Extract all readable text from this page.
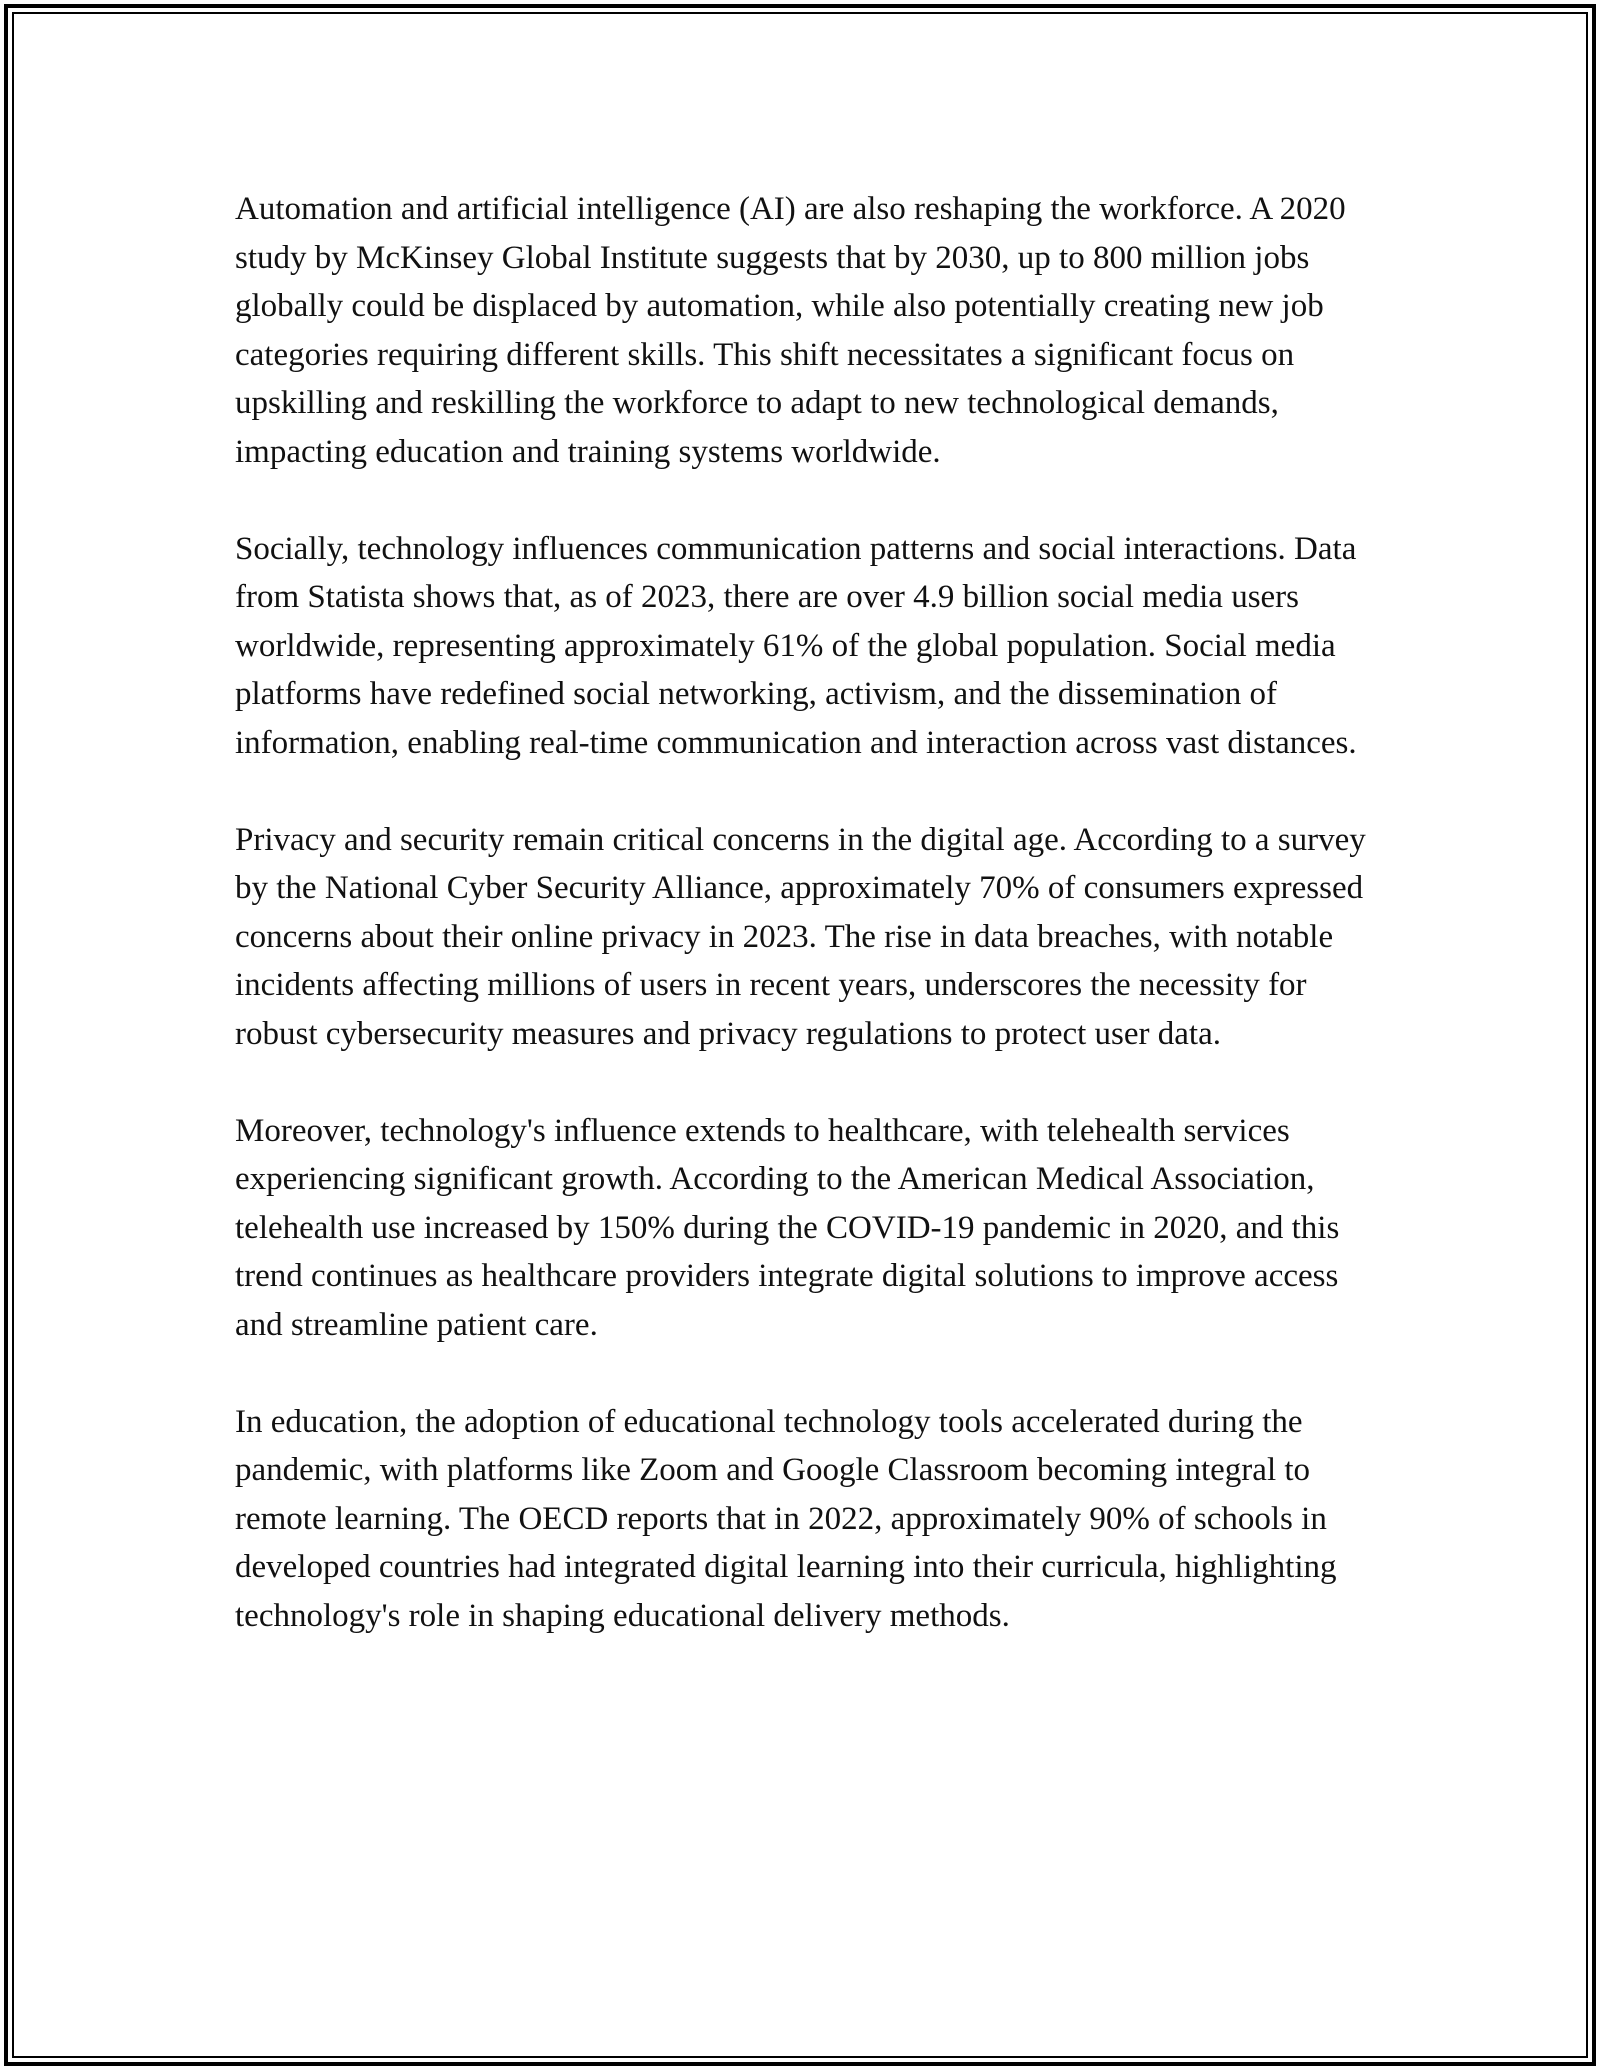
Automation and artificial intelligence (AI) are also reshaping the workforce. A 2020 study by McKinsey Global Institute suggests that by 2030, up to 800 million jobs globally could be displaced by automation, while also potentially creating new job categories requiring different skills. This shift necessitates a significant focus on upskilling and reskilling the workforce to adapt to new technological demands, impacting education and training systems worldwide.

Socially, technology influences communication patterns and social interactions. Data from Statista shows that, as of 2023, there are over 4.9 billion social media users worldwide, representing approximately 61% of the global population. Social media platforms have redefined social networking, activism, and the dissemination of information, enabling real-time communication and interaction across vast distances.

Privacy and security remain critical concerns in the digital age. According to a survey by the National Cyber Security Alliance, approximately 70% of consumers expressed concerns about their online privacy in 2023. The rise in data breaches, with notable incidents affecting millions of users in recent years, underscores the necessity for robust cybersecurity measures and privacy regulations to protect user data.

Moreover, technology's influence extends to healthcare, with telehealth services experiencing significant growth. According to the American Medical Association, telehealth use increased by 150% during the COVID-19 pandemic in 2020, and this trend continues as healthcare providers integrate digital solutions to improve access and streamline patient care.

In education, the adoption of educational technology tools accelerated during the pandemic, with platforms like Zoom and Google Classroom becoming integral to remote learning. The OECD reports that in 2022, approximately 90% of schools in developed countries had integrated digital learning into their curricula, highlighting technology's role in shaping educational delivery methods.
